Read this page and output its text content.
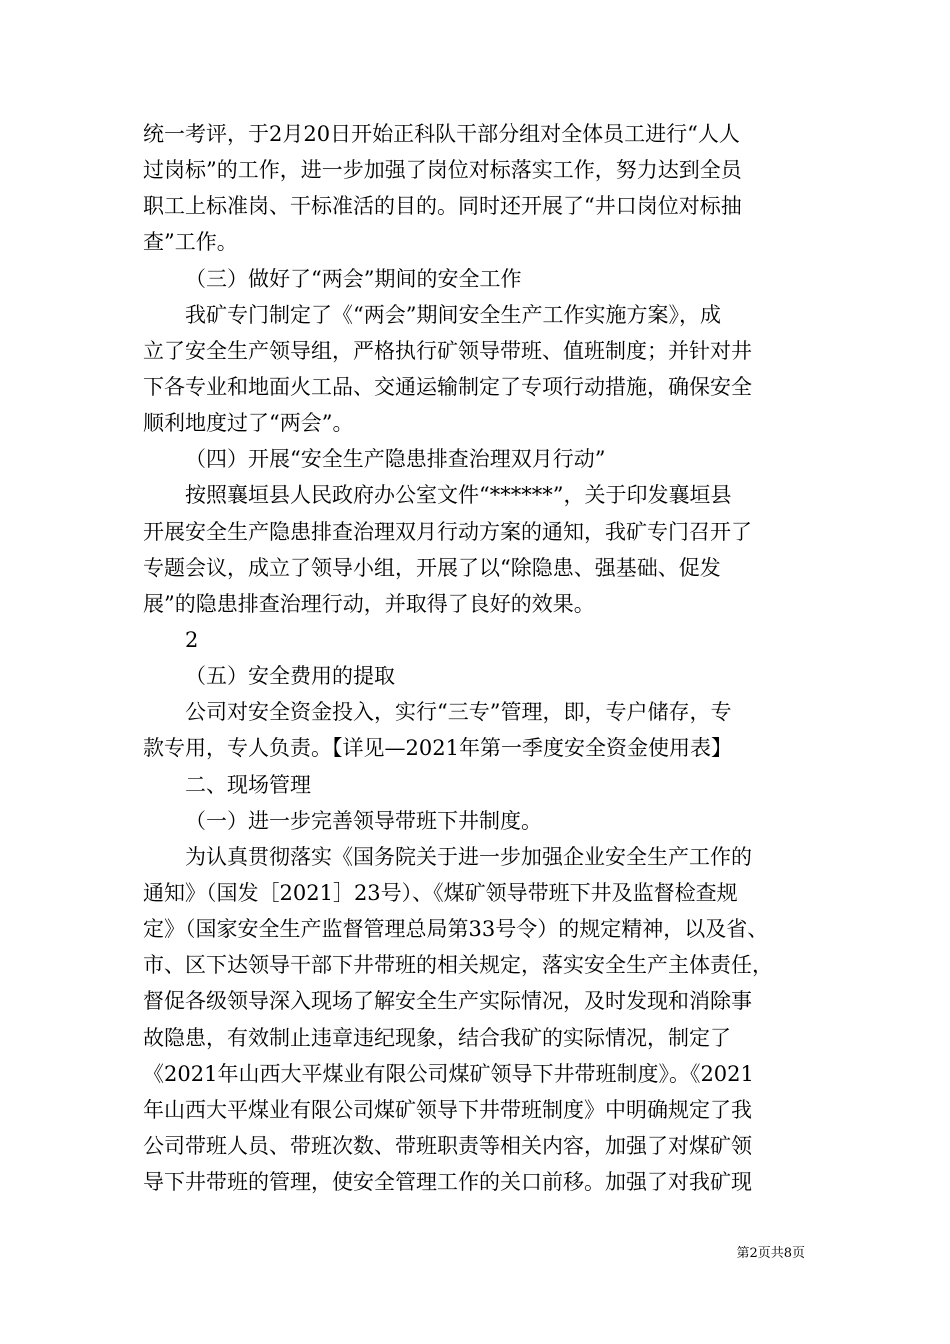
统一考评，于2月20日开始正科队干部分组对全体员工进行“人人
过岗标”的工作，进一步加强了岗位对标落实工作，努力达到全员
职工上标准岗、干标准活的目的。同时还开展了“井口岗位对标抽
查”工作。
（三）做好了“两会”期间的安全工作
我矿专门制定了《“两会”期间安全生产工作实施方案》，成
立了安全生产领导组，严格执行矿领导带班、值班制度；并针对井
下各专业和地面火工品、交通运输制定了专项行动措施，确保安全
顺利地度过了“两会”。
（四）开展“安全生产隐患排查治理双月行动”
按照襄垣县人民政府办公室文件“******”，关于印发襄垣县
开展安全生产隐患排查治理双月行动方案的通知，我矿专门召开了
专题会议，成立了领导小组，开展了以“除隐患、强基础、促发
展”的隐患排查治理行动，并取得了良好的效果。
2
（五）安全费用的提取
公司对安全资金投入，实行“三专”管理，即，专户储存，专
款专用，专人负责。【详见—2021年第一季度安全资金使用表】
二、现场管理
（一）进一步完善领导带班下井制度。
为认真贯彻落实《国务院关于进一步加强企业安全生产工作的
通知》（国发［2021］23号）、《煤矿领导带班下井及监督检查规
定》（国家安全生产监督管理总局第33号令）的规定精神，以及省、
市、区下达领导干部下井带班的相关规定，落实安全生产主体责任，
督促各级领导深入现场了解安全生产实际情况，及时发现和消除事
故隐患，有效制止违章违纪现象，结合我矿的实际情况，制定了
《2021年山西大平煤业有限公司煤矿领导下井带班制度》。《2021
年山西大平煤业有限公司煤矿领导下井带班制度》中明确规定了我
公司带班人员、带班次数、带班职责等相关内容，加强了对煤矿领
导下井带班的管理，使安全管理工作的关口前移。加强了对我矿现
第2页共8页
